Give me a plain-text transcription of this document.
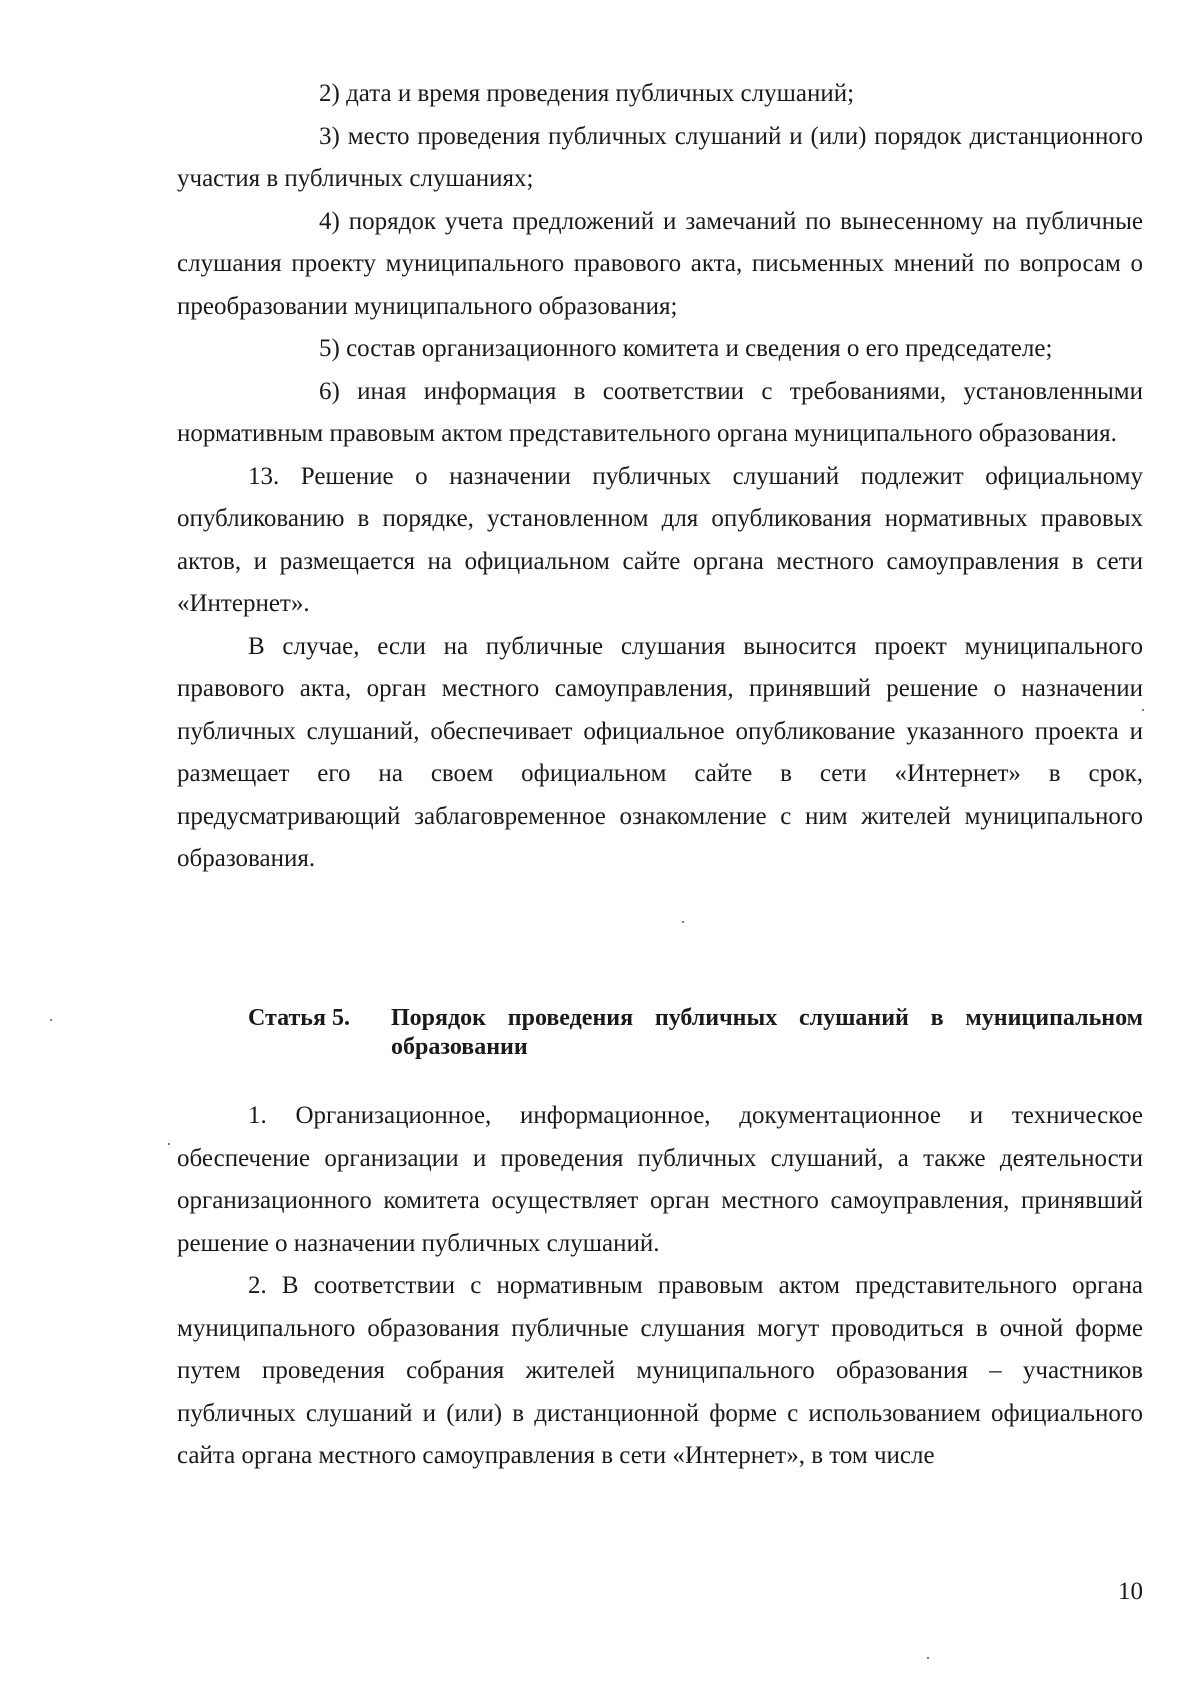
2) дата и время проведения публичных слушаний;

3) место проведения публичных слушаний и (или) порядок дистанционного участия в публичных слушаниях;

4) порядок учета предложений и замечаний по вынесенному на публичные слушания проекту муниципального правового акта, письменных мнений по вопросам о преобразовании муниципального образования;

5) состав организационного комитета и сведения о его председателе;

6) иная информация в соответствии с требованиями, установленными нормативным правовым актом представительного органа муниципального образования.

13. Решение о назначении публичных слушаний подлежит официальному опубликованию в порядке, установленном для опубликования нормативных правовых актов, и размещается на официальном сайте органа местного самоуправления в сети «Интернет».

В случае, если на публичные слушания выносится проект муниципального правового акта, орган местного самоуправления, принявший решение о назначении публичных слушаний, обеспечивает официальное опубликование указанного проекта и размещает его на своем официальном сайте в сети «Интернет» в срок, предусматривающий заблаговременное ознакомление с ним жителей муниципального образования.

Статья 5.	Порядок проведения публичных слушаний в муниципальном образовании

1. Организационное, информационное, документационное и техническое обеспечение организации и проведения публичных слушаний, а также деятельности организационного комитета осуществляет орган местного самоуправления, принявший решение о назначении публичных слушаний.

2. В соответствии с нормативным правовым актом представительного органа муниципального образования публичные слушания могут проводиться в очной форме путем проведения собрания жителей муниципального образования – участников публичных слушаний и (или) в дистанционной форме с использованием официального сайта органа местного самоуправления в сети «Интернет», в том числе

10
